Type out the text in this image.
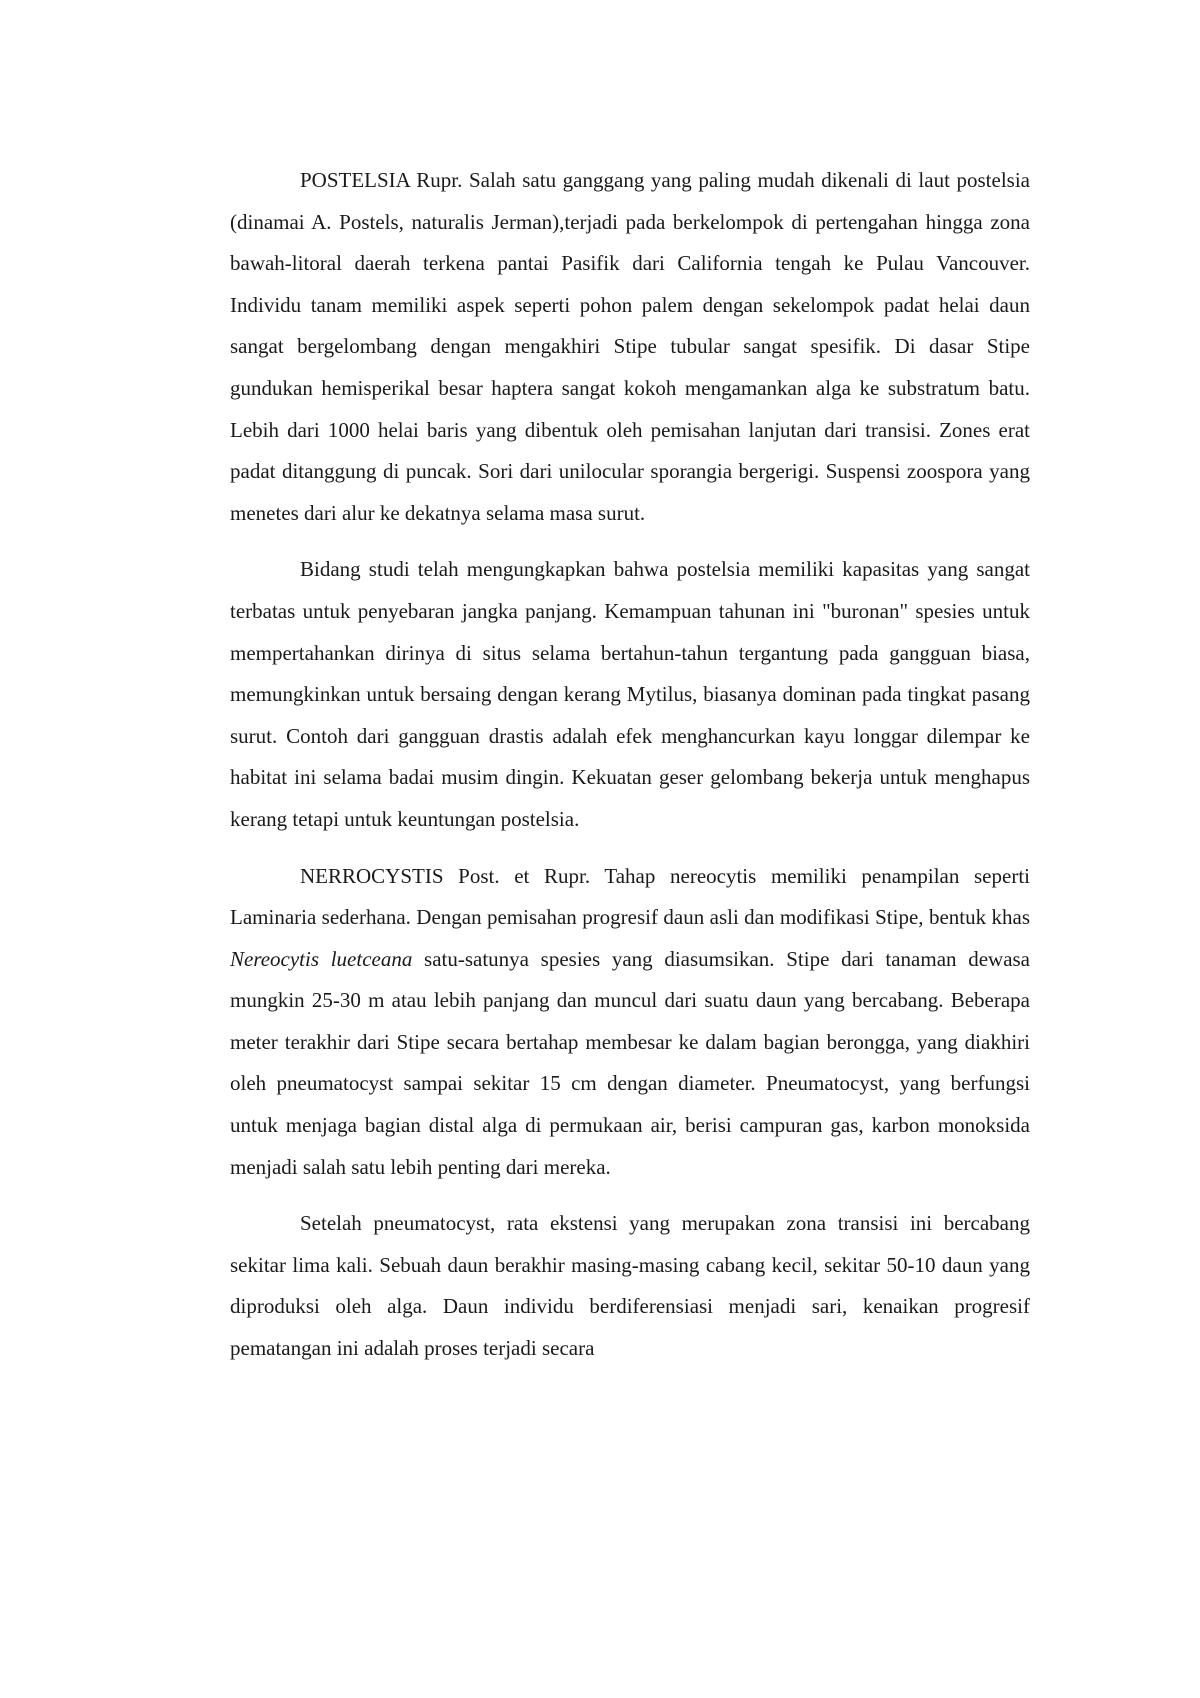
POSTELSIA Rupr. Salah satu ganggang yang paling mudah dikenali di laut postelsia (dinamai A. Postels, naturalis Jerman),terjadi pada berkelompok di pertengahan hingga zona bawah-litoral daerah terkena pantai Pasifik dari California tengah ke Pulau Vancouver. Individu tanam memiliki aspek seperti pohon palem dengan sekelompok padat helai daun sangat bergelombang dengan mengakhiri Stipe tubular sangat spesifik. Di dasar Stipe gundukan hemisperikal besar haptera sangat kokoh mengamankan alga ke substratum batu. Lebih dari 1000 helai baris yang dibentuk oleh pemisahan lanjutan dari transisi. Zones erat padat ditanggung di puncak. Sori dari unilocular sporangia bergerigi. Suspensi zoospora yang menetes dari alur ke dekatnya selama masa surut.

Bidang studi telah mengungkapkan bahwa postelsia memiliki kapasitas yang sangat terbatas untuk penyebaran jangka panjang. Kemampuan tahunan ini "buronan" spesies untuk mempertahankan dirinya di situs selama bertahun-tahun tergantung pada gangguan biasa, memungkinkan untuk bersaing dengan kerang Mytilus, biasanya dominan pada tingkat pasang surut. Contoh dari gangguan drastis adalah efek menghancurkan kayu longgar dilempar ke habitat ini selama badai musim dingin. Kekuatan geser gelombang bekerja untuk menghapus kerang tetapi untuk keuntungan postelsia.

NERROCYSTIS Post. et Rupr. Tahap nereocytis memiliki penampilan seperti Laminaria sederhana. Dengan pemisahan progresif daun asli dan modifikasi Stipe, bentuk khas Nereocytis luetceana satu-satunya spesies yang diasumsikan. Stipe dari tanaman dewasa mungkin 25-30 m atau lebih panjang dan muncul dari suatu daun yang bercabang. Beberapa meter terakhir dari Stipe secara bertahap membesar ke dalam bagian berongga, yang diakhiri oleh pneumatocyst sampai sekitar 15 cm dengan diameter. Pneumatocyst, yang berfungsi untuk menjaga bagian distal alga di permukaan air, berisi campuran gas, karbon monoksida menjadi salah satu lebih penting dari mereka.

Setelah pneumatocyst, rata ekstensi yang merupakan zona transisi ini bercabang sekitar lima kali. Sebuah daun berakhir masing-masing cabang kecil, sekitar 50-10 daun yang diproduksi oleh alga. Daun individu berdiferensiasi menjadi sari, kenaikan progresif pematangan ini adalah proses terjadi secara
